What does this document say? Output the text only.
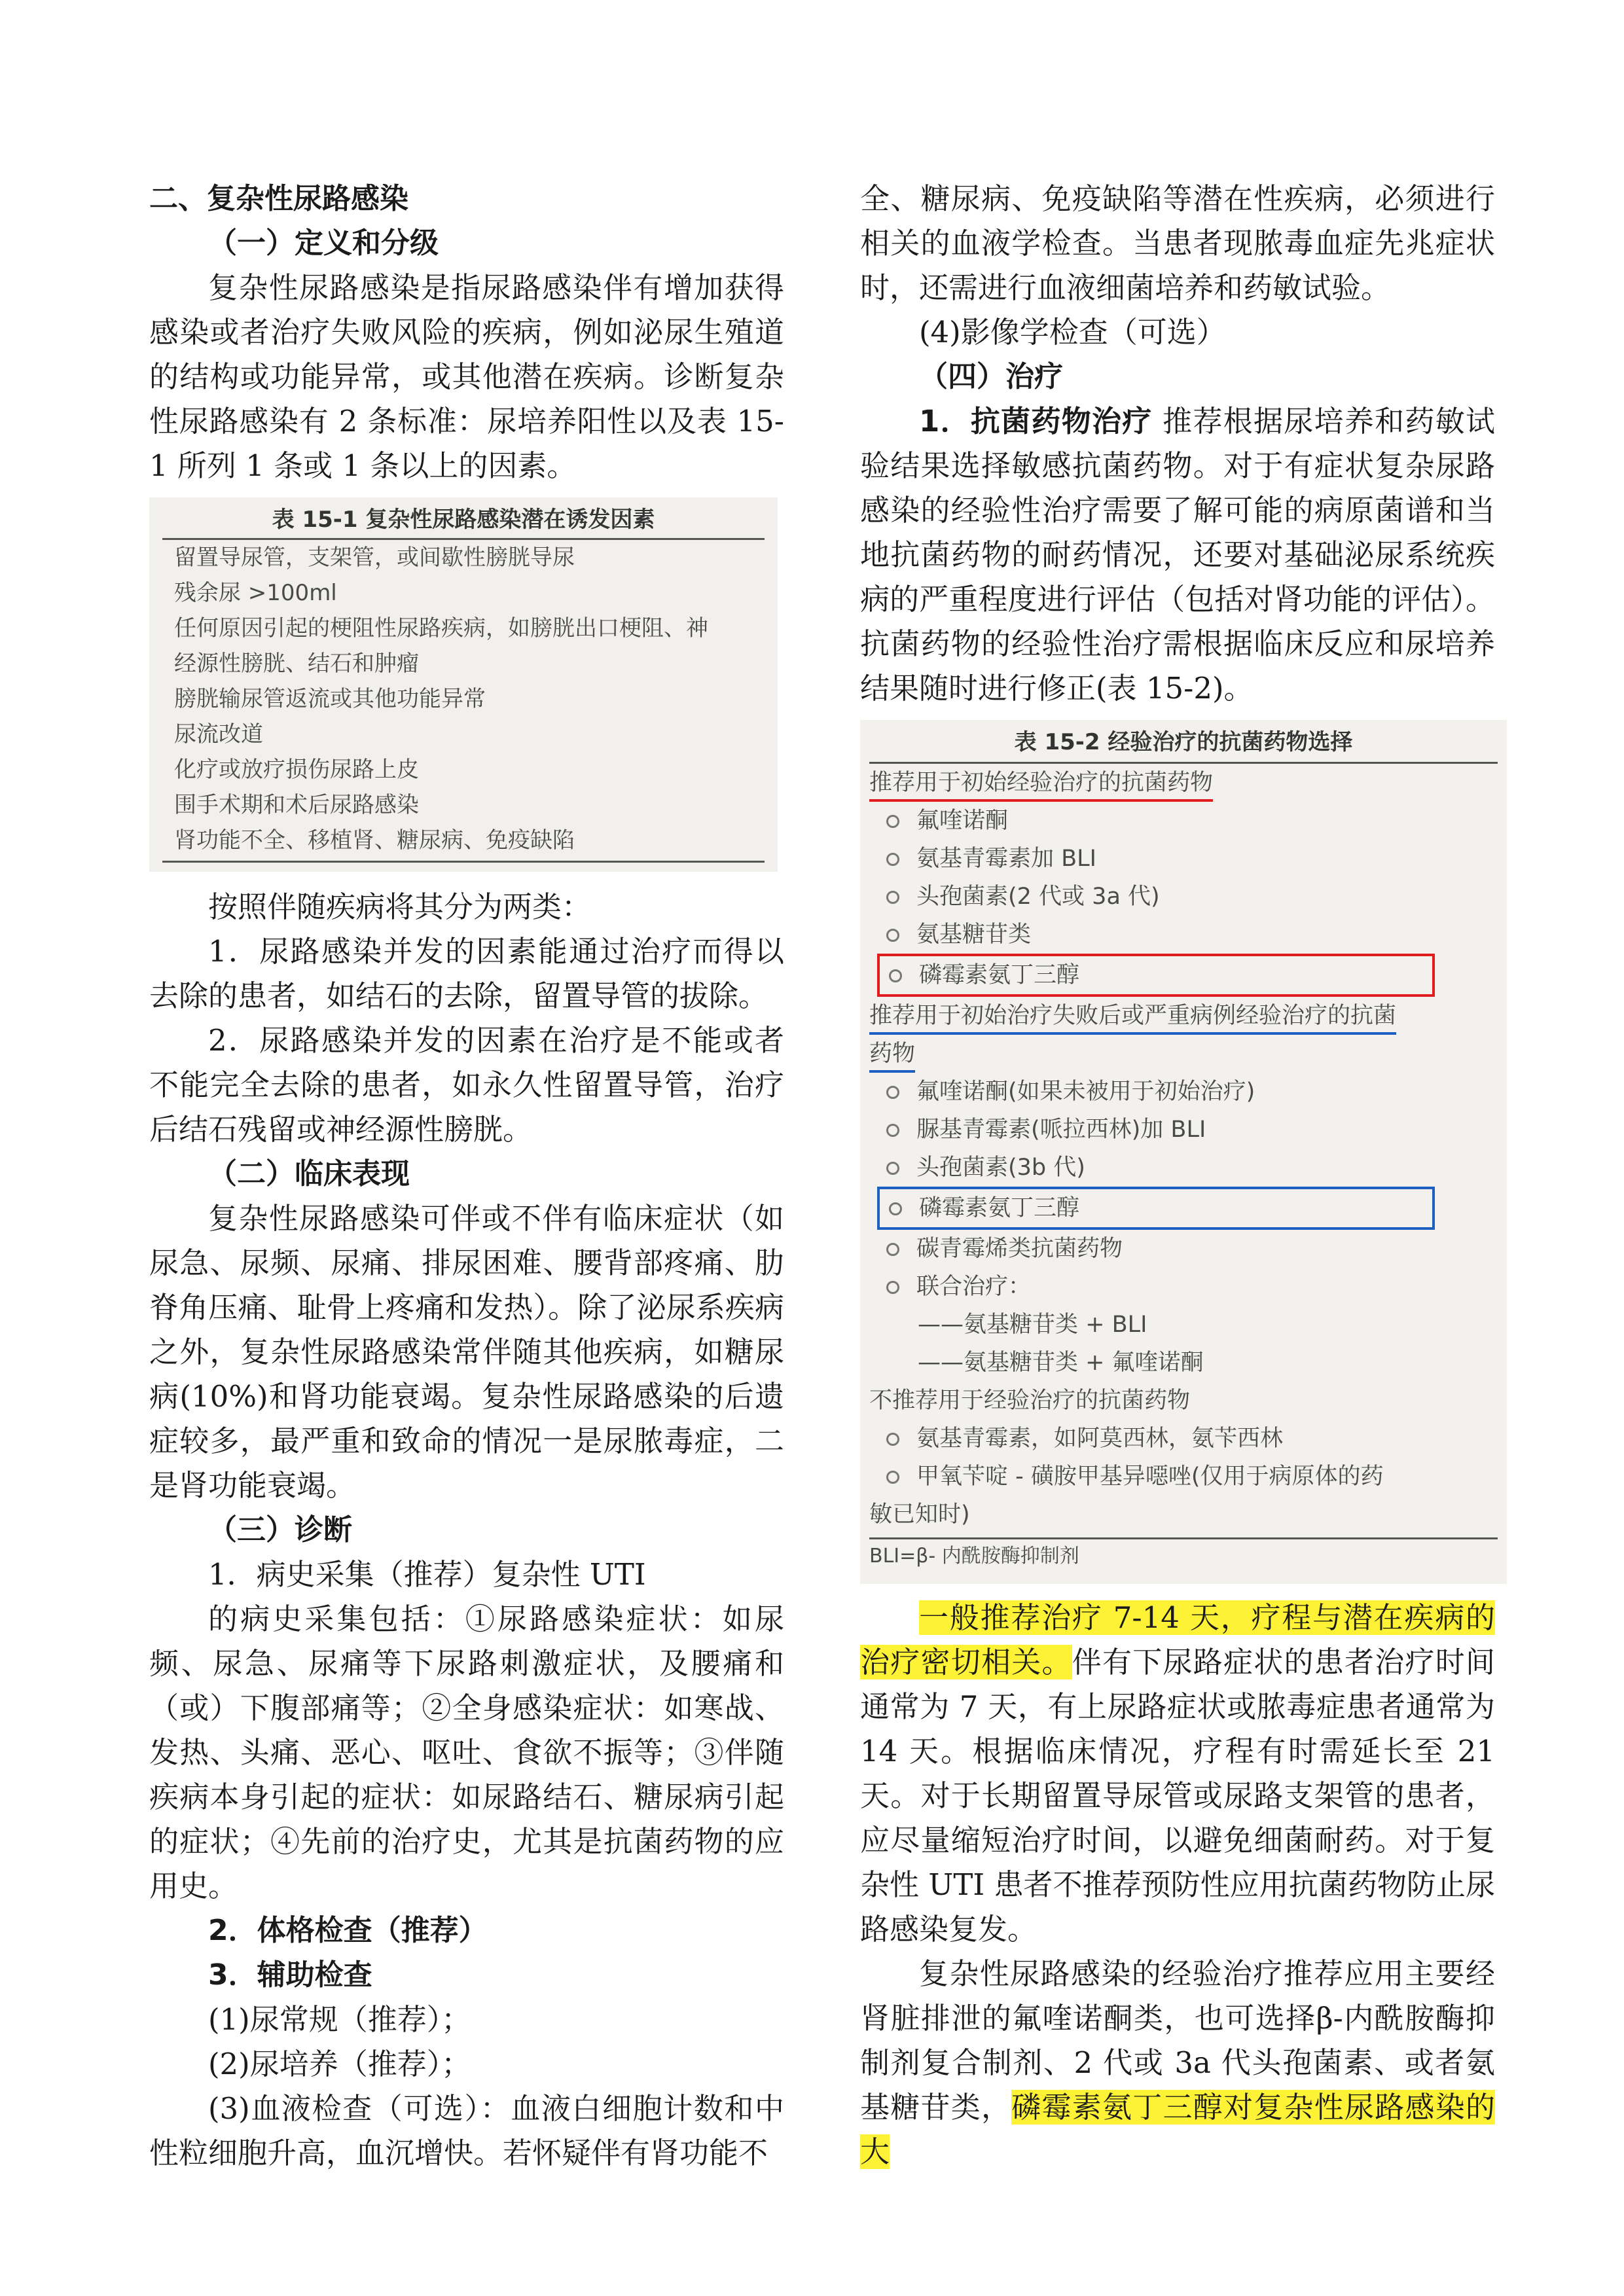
二、复杂性尿路感染

（一）定义和分级

复杂性尿路感染是指尿路感染伴有增加获得感染或者治疗失败风险的疾病，例如泌尿生殖道的结构或功能异常，或其他潜在疾病。诊断复杂性尿路感染有 2 条标准：尿培养阳性以及表 15-1 所列 1 条或 1 条以上的因素。

表 15-1 复杂性尿路感染潜在诱发因素
留置导尿管，支架管，或间歇性膀胱导尿
残余尿 >100ml
任何原因引起的梗阻性尿路疾病，如膀胱出口梗阻、神
经源性膀胱、结石和肿瘤
膀胱输尿管返流或其他功能异常
尿流改道
化疗或放疗损伤尿路上皮
围手术期和术后尿路感染
肾功能不全、移植肾、糖尿病、免疫缺陷

按照伴随疾病将其分为两类：

1．尿路感染并发的因素能通过治疗而得以去除的患者，如结石的去除，留置导管的拔除。

2．尿路感染并发的因素在治疗是不能或者不能完全去除的患者，如永久性留置导管，治疗后结石残留或神经源性膀胱。

（二）临床表现

复杂性尿路感染可伴或不伴有临床症状（如尿急、尿频、尿痛、排尿困难、腰背部疼痛、肋脊角压痛、耻骨上疼痛和发热）。除了泌尿系疾病之外，复杂性尿路感染常伴随其他疾病，如糖尿病(10%)和肾功能衰竭。复杂性尿路感染的后遗症较多，最严重和致命的情况一是尿脓毒症，二是肾功能衰竭。

（三）诊断

1．病史采集（推荐）复杂性 UTI

的病史采集包括：①尿路感染症状：如尿频、尿急、尿痛等下尿路刺激症状，及腰痛和（或）下腹部痛等；②全身感染症状：如寒战、发热、头痛、恶心、呕吐、食欲不振等；③伴随疾病本身引起的症状：如尿路结石、糖尿病引起的症状；④先前的治疗史，尤其是抗菌药物的应用史。

2．体格检查（推荐）

3．辅助检查

(1)尿常规（推荐）；

(2)尿培养（推荐）；

(3)血液检查（可选）：血液白细胞计数和中性粒细胞升高，血沉增快。若怀疑伴有肾功能不

全、糖尿病、免疫缺陷等潜在性疾病，必须进行相关的血液学检查。当患者现脓毒血症先兆症状时，还需进行血液细菌培养和药敏试验。

(4)影像学检查（可选）

（四）治疗

1．抗菌药物治疗 推荐根据尿培养和药敏试验结果选择敏感抗菌药物。对于有症状复杂尿路感染的经验性治疗需要了解可能的病原菌谱和当地抗菌药物的耐药情况，还要对基础泌尿系统疾病的严重程度进行评估（包括对肾功能的评估）。抗菌药物的经验性治疗需根据临床反应和尿培养结果随时进行修正(表 15-2)。

表 15-2 经验治疗的抗菌药物选择
推荐用于初始经验治疗的抗菌药物
氟喹诺酮
氨基青霉素加 BLI
头孢菌素(2 代或 3a 代)
氨基糖苷类
磷霉素氨丁三醇
推荐用于初始治疗失败后或严重病例经验治疗的抗菌
药物
氟喹诺酮(如果未被用于初始治疗)
脲基青霉素(哌拉西林)加 BLI
头孢菌素(3b 代)
磷霉素氨丁三醇
碳青霉烯类抗菌药物
联合治疗：
——氨基糖苷类 + BLI
——氨基糖苷类 + 氟喹诺酮
不推荐用于经验治疗的抗菌药物
氨基青霉素，如阿莫西林，氨苄西林
甲氧苄啶 - 磺胺甲基异噁唑(仅用于病原体的药
敏已知时)
BLI=β- 内酰胺酶抑制剂

一般推荐治疗 7-14 天，疗程与潜在疾病的治疗密切相关。伴有下尿路症状的患者治疗时间通常为 7 天，有上尿路症状或脓毒症患者通常为 14 天。根据临床情况，疗程有时需延长至 21 天。对于长期留置导尿管或尿路支架管的患者，应尽量缩短治疗时间，以避免细菌耐药。对于复杂性 UTI 患者不推荐预防性应用抗菌药物防止尿路感染复发。

复杂性尿路感染的经验治疗推荐应用主要经肾脏排泄的氟喹诺酮类，也可选择β-内酰胺酶抑制剂复合制剂、2 代或 3a 代头孢菌素、或者氨基糖苷类，磷霉素氨丁三醇对复杂性尿路感染的大
